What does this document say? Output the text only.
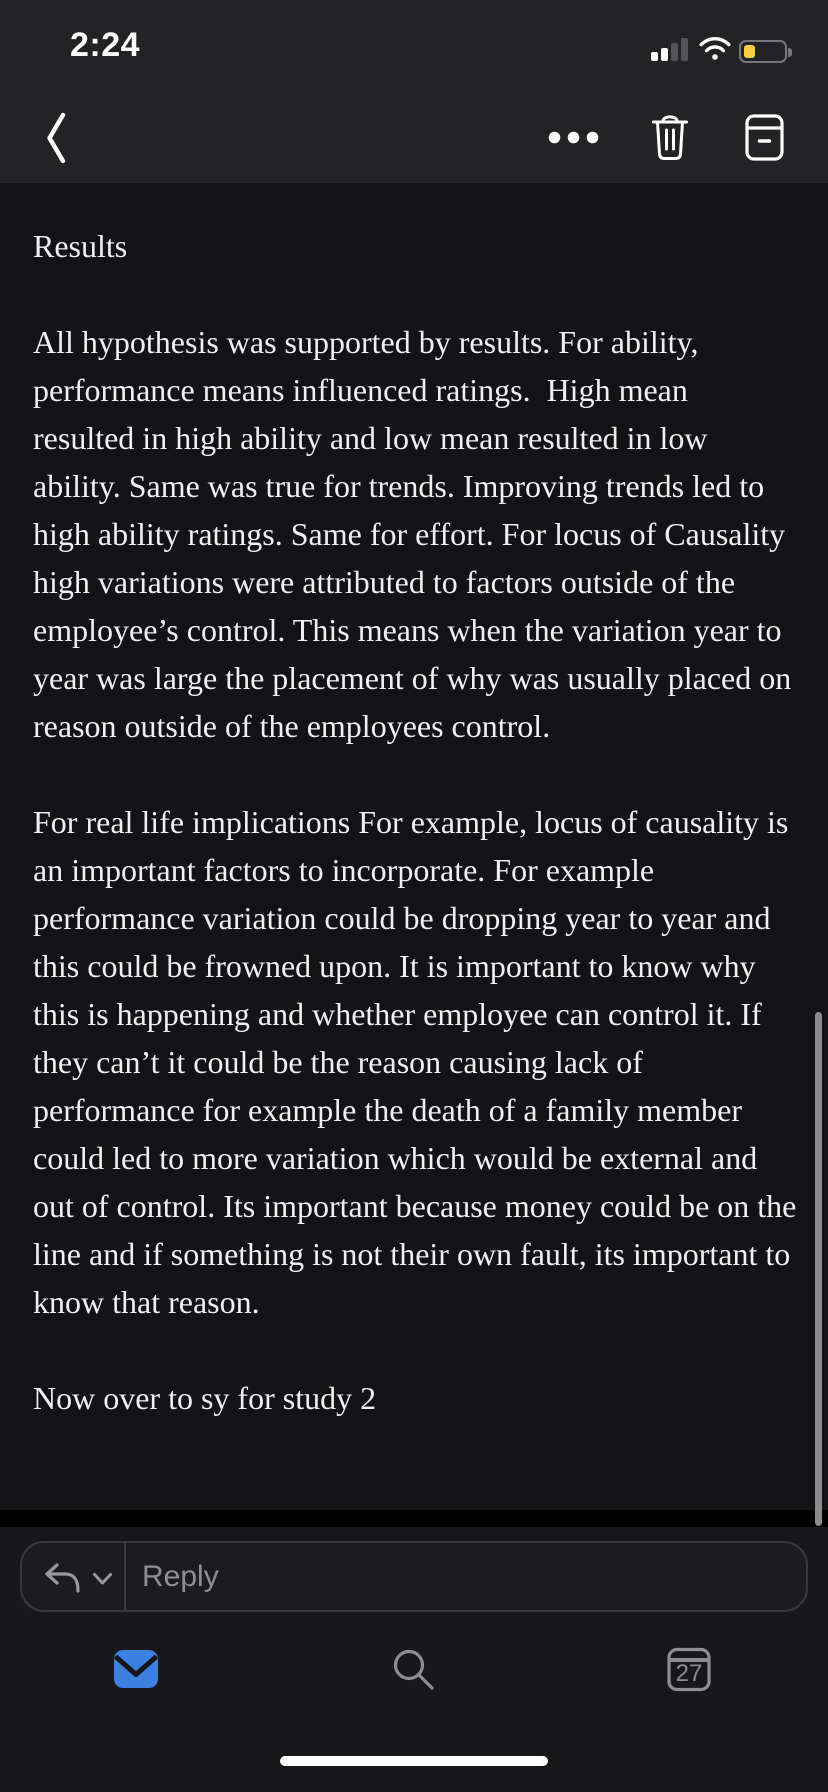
2:24
Results
All hypothesis was supported by results. For ability,
performance means influenced ratings.  High mean
resulted in high ability and low mean resulted in low
ability. Same was true for trends. Improving trends led to
high ability ratings. Same for effort. For locus of Causality
high variations were attributed to factors outside of the
employee’s control. This means when the variation year to
year was large the placement of why was usually placed on
reason outside of the employees control.
For real life implications For example, locus of causality is
an important factors to incorporate. For example
performance variation could be dropping year to year and
this could be frowned upon. It is important to know why
this is happening and whether employee can control it. If
they can’t it could be the reason causing lack of
performance for example the death of a family member
could led to more variation which would be external and
out of control. Its important because money could be on the
line and if something is not their own fault, its important to
know that reason.
Now over to sy for study 2
Reply
27
